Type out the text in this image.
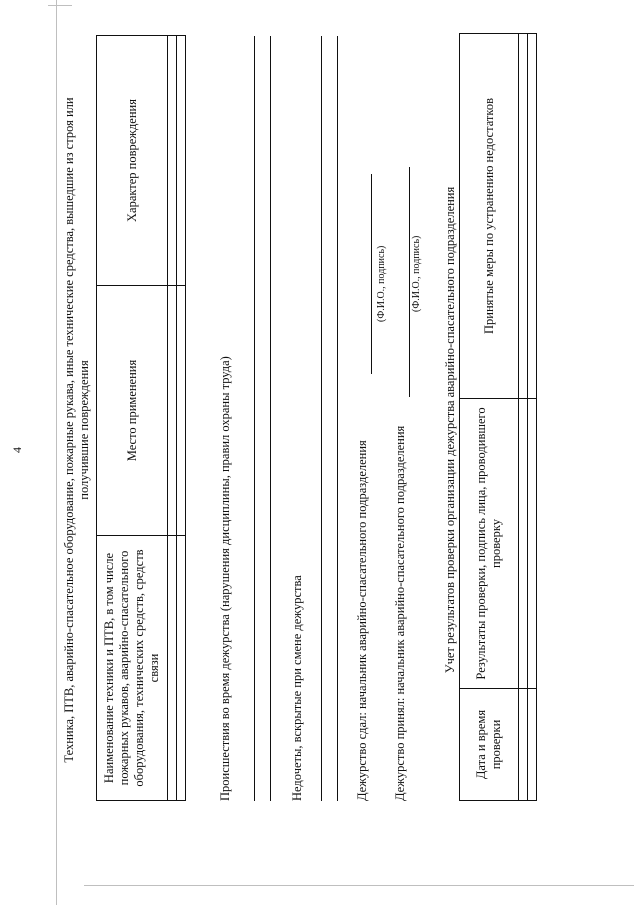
4	Техника, ПТВ, аварийно-спасательное оборудование, пожарные рукава, иные технические средства, вышедшие из строя или получившие повреждения
Наименование техники и ПТВ, в том числе пожарных рукавов, аварийно-спасательного оборудования, технических средств, средств связи	Место применения	Характер повреждения

Происшествия во время дежурства (нарушения дисциплины, правил охраны труда)	Недочеты, вскрытые при смене дежурства	Дежурство сдал: начальник аварийно-спасательного подразделения
(Ф.И.О., подпись)
Дежурство принял: начальник аварийно-спасательного подразделения
(Ф.И.О., подпись) Учет результатов проверки организации дежурства аварийно-спасательного подразделения
Дата и время проверки	Результаты проверки, подпись лица, проводившего проверку	Принятые меры по устранению недостатков
